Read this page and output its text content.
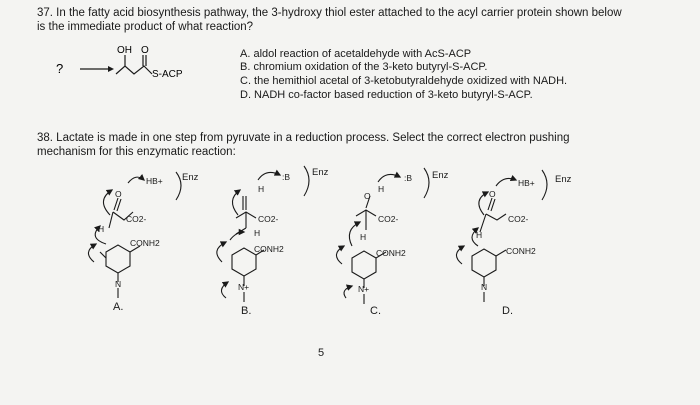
37. In the fatty acid biosynthesis pathway, the 3-hydroxy thiol ester attached to the acyl carrier protein shown below is the immediate product of what reaction?
?
OH O
S-ACP
A. aldol reaction of acetaldehyde with AcS-ACP
B. chromium oxidation of the 3-keto butyryl-S-ACP.
C. the hemithiol acetal of 3-ketobutyraldehyde oxidized with NADH.
D. NADH co-factor based reduction of 3-keto butyryl-S-ACP.
38. Lactate is made in one step from pyruvate in a reduction process. Select the correct electron pushing mechanism for this enzymatic reaction:
HB+ Enz
O
CO2-
H
CONH2
N
:B Enz
H
CO2-
H
CONH2
N+
:B Enz
H
O
CO2-
H
CONH2
N+
HB+ Enz
O
CO2-
H
CONH2
N
A.	B.	C.	D.
5
